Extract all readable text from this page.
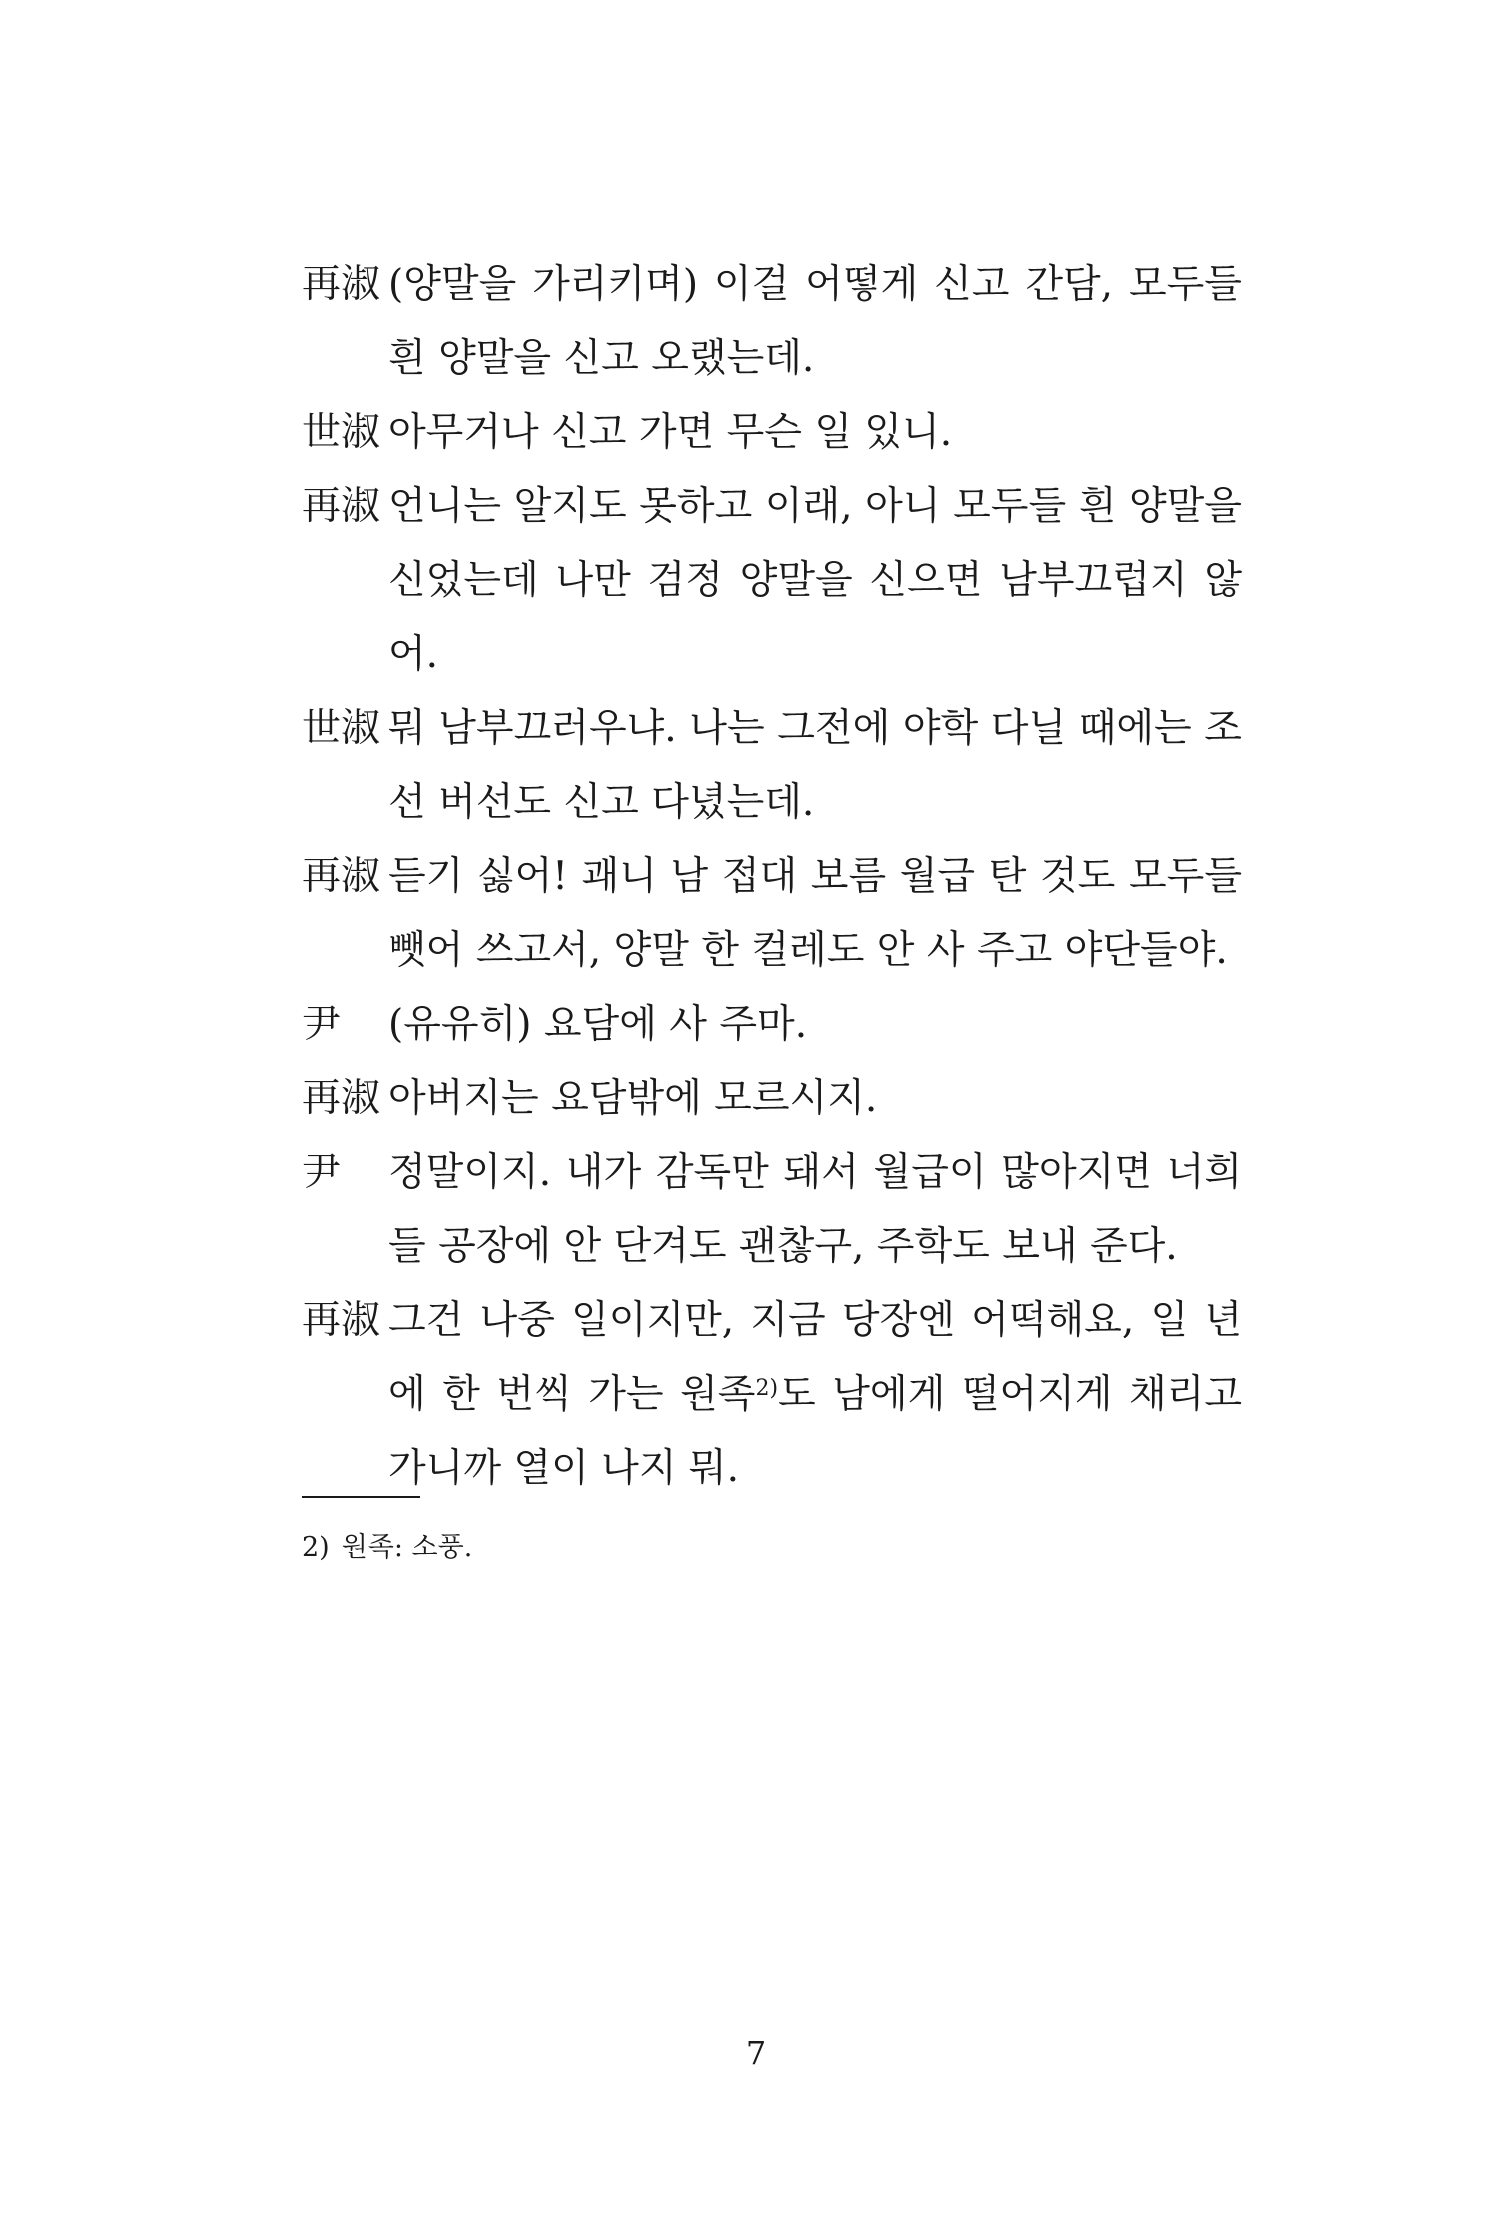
再淑 (양말을 가리키며) 이걸 어떻게 신고 간담, 모두들 흰 양말을 신고 오랬는데.
世淑 아무거나 신고 가면 무슨 일 있니.
再淑 언니는 알지도 못하고 이래, 아니 모두들 흰 양말을 신었는데 나만 검정 양말을 신으면 남부끄럽지 않어.
世淑 뭐 남부끄러우냐. 나는 그전에 야학 다닐 때에는 조선 버선도 신고 다녔는데.
再淑 듣기 싫어! 괘니 남 접대 보름 월급 탄 것도 모두들 뺏어 쓰고서, 양말 한 컬레도 안 사 주고 야단들야.
尹	(유유히) 요담에 사 주마.
再淑 아버지는 요담밖에 모르시지.
尹	정말이지. 내가 감독만 돼서 월급이 많아지면 너희들 공장에 안 단겨도 괜찮구, 주학도 보내 준다.
再淑 그건 나중 일이지만, 지금 당장엔 어떡해요, 일 년에 한 번씩 가는 원족$^{2)}$도 남에게 떨어지게 채리고 가니까 열이 나지 뭐.
2) 원족: 소풍.
7
